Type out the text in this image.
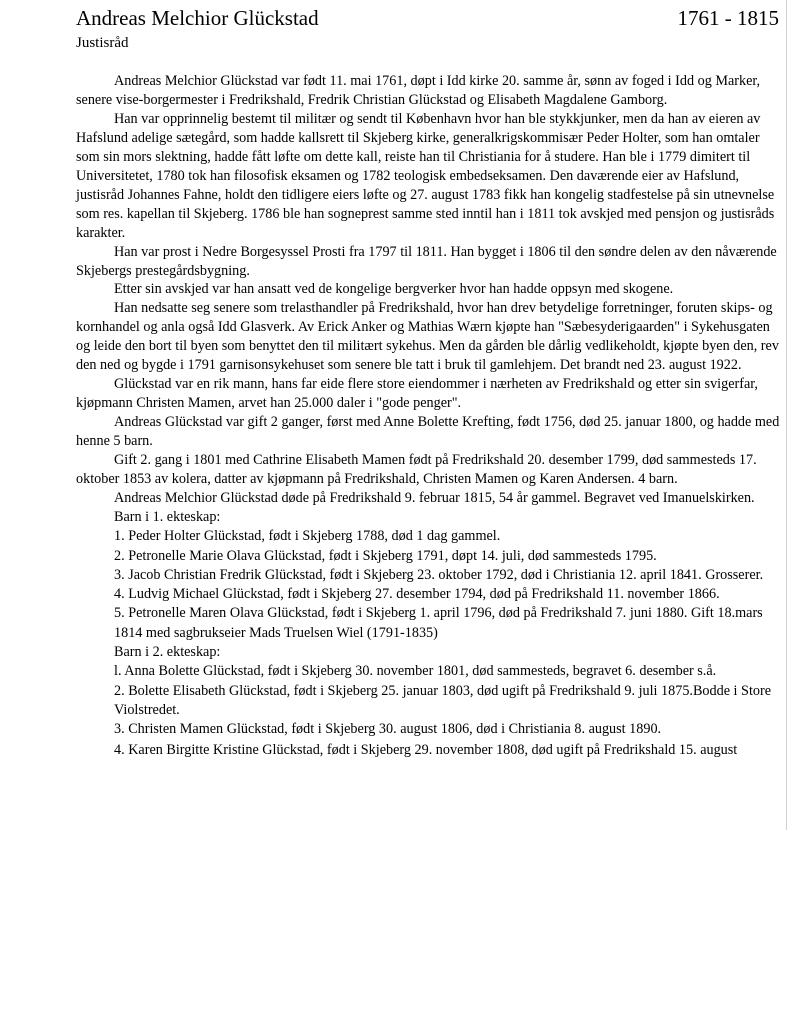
Andreas Melchior Glückstad	1761 - 1815
Justisråd

Andreas Melchior Glückstad var født 11. mai 1761, døpt i Idd kirke 20. samme år, sønn av foged i Idd og Marker, senere vise-borgermester i Fredrikshald, Fredrik Christian Glückstad og Elisabeth Magdalene Gamborg.

Han var opprinnelig bestemt til militær og sendt til København hvor han ble stykkjunker, men da han av eieren av Hafslund adelige sætegård, som hadde kallsrett til Skjeberg kirke, generalkrigskommisær Peder Holter, som han omtaler som sin mors slektning, hadde fått løfte om dette kall, reiste han til Christiania for å studere. Han ble i 1779 dimitert til Universitetet, 1780 tok han filosofisk eksamen og 1782 teologisk embedseksamen. Den daværende eier av Hafslund, justisråd Johannes Fahne, holdt den tidligere eiers løfte og 27. august 1783 fikk han kongelig stadfestelse på sin utnevnelse som res. kapellan til Skjeberg. 1786 ble han sogneprest samme sted inntil han i 1811 tok avskjed med pensjon og justisråds karakter.

Han var prost i Nedre Borgesyssel Prosti fra 1797 til 1811. Han bygget i 1806 til den søndre delen av den nåværende Skjebergs prestegårdsbygning.

Etter sin avskjed var han ansatt ved de kongelige bergverker hvor han hadde oppsyn med skogene.

Han nedsatte seg senere som trelasthandler på Fredrikshald, hvor han drev betydelige forretninger, foruten skips- og kornhandel og anla også Idd Glasverk. Av Erick Anker og Mathias Wærn kjøpte han "Sæbesyderigaarden" i Sykehusgaten og leide den bort til byen som benyttet den til militært sykehus. Men da gården ble dårlig vedlikeholdt, kjøpte byen den, rev den ned og bygde i 1791 garnisonsykehuset som senere ble tatt i bruk til gamlehjem. Det brandt ned 23. august 1922.

Glückstad var en rik mann, hans far eide flere store eiendommer i nærheten av Fredrikshald og etter sin svigerfar, kjøpmann Christen Mamen, arvet han 25.000 daler i "gode penger".

Andreas Glückstad var gift 2 ganger, først med Anne Bolette Krefting, født 1756, død 25. januar 1800, og hadde med henne 5 barn.

Gift 2. gang i 1801 med Cathrine Elisabeth Mamen født på Fredrikshald 20. desember 1799, død sammesteds 17. oktober 1853 av kolera, datter av kjøpmann på Fredrikshald, Christen Mamen og Karen Andersen. 4 barn.

Andreas Melchior Glückstad døde på Fredrikshald 9. februar 1815, 54 år gammel. Begravet ved Imanuelskirken.

Barn i 1. ekteskap:
1. Peder Holter Glückstad, født i Skjeberg 1788, død 1 dag gammel.
2. Petronelle Marie Olava Glückstad, født i Skjeberg 1791, døpt 14. juli, død sammesteds 1795.
3. Jacob Christian Fredrik Glückstad, født i Skjeberg 23. oktober 1792, død i Christiania 12. april 1841. Grosserer.
4. Ludvig Michael Glückstad, født i Skjeberg 27. desember 1794, død på Fredrikshald 11. november 1866.
5. Petronelle Maren Olava Glückstad, født i Skjeberg 1. april 1796, død på Fredrikshald 7. juni 1880. Gift 18.mars 1814 med sagbrukseier Mads Truelsen Wiel (1791-1835)
Barn i 2. ekteskap:
l. Anna Bolette Glückstad, født i Skjeberg 30. november 1801, død sammesteds, begravet 6. desember s.å.
2. Bolette Elisabeth Glückstad, født i Skjeberg 25. januar 1803, død ugift på Fredrikshald 9. juli 1875.Bodde i Store Violstredet.
3. Christen Mamen Glückstad, født i Skjeberg 30. august 1806, død i Christiania 8. august 1890.
4. Karen Birgitte Kristine Glückstad, født i Skjeberg 29. november 1808, død ugift på Fredrikshald 15. august
